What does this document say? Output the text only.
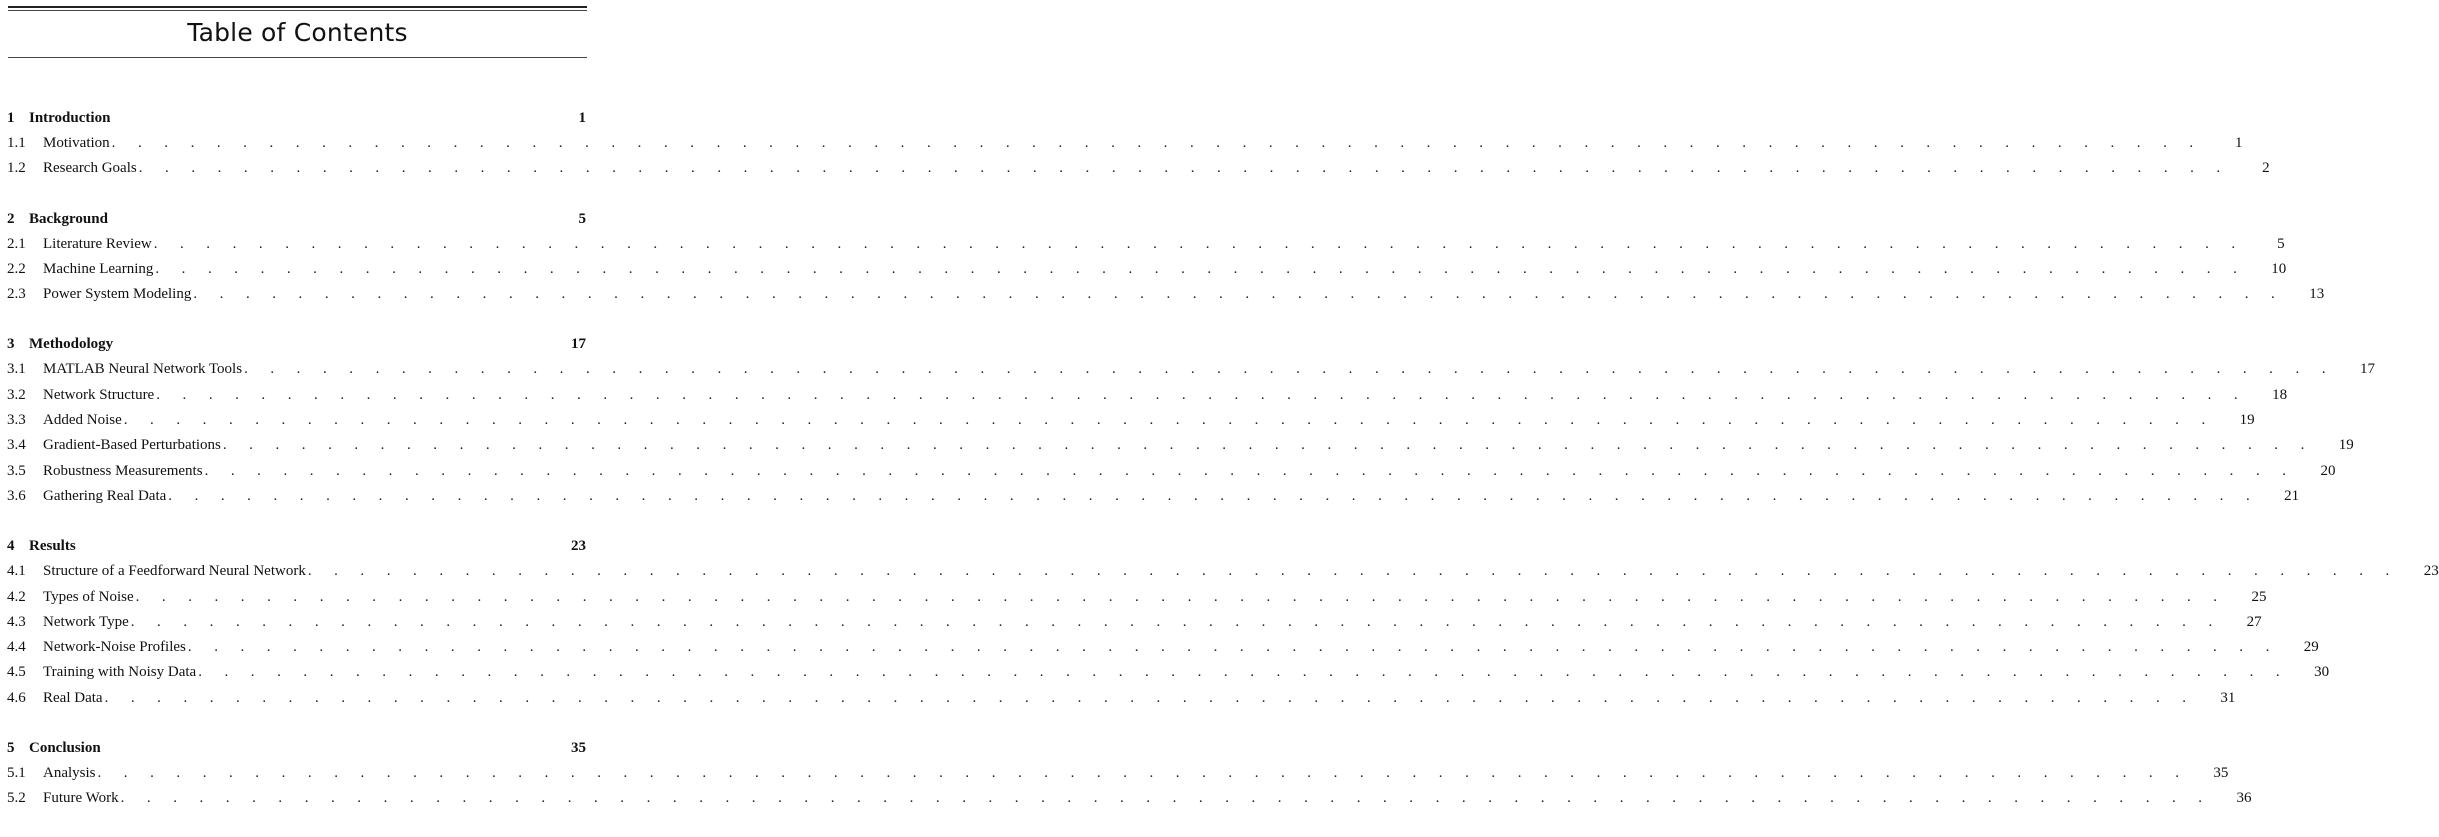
Table of Contents
1 Introduction	1
1.1	Motivation . . . . . . . . . . . . . . . . . . . . . . . . . . . . . . . . . . . . . . . . . . . . . . . . . . . . . . . . . . . . . . . . . . . . . . . . . . . . . . . .	1
1.2	Research Goals . . . . . . . . . . . . . . . . . . . . . . . . . . . . . . . . . . . . . . . . . . . . . . . . . . . . . . . . . . . . . . . . . . . . . . . . . . . . . . . .	2
2 Background	5
2.1	Literature Review . . . . . . . . . . . . . . . . . . . . . . . . . . . . . . . . . . . . . . . . . . . . . . . . . . . . . . . . . . . . . . . . . . . . . . . . . . . . . . . .	5
2.2	Machine Learning . . . . . . . . . . . . . . . . . . . . . . . . . . . . . . . . . . . . . . . . . . . . . . . . . . . . . . . . . . . . . . . . . . . . . . . . . . . . . . . .	10
2.3	Power System Modeling . . . . . . . . . . . . . . . . . . . . . . . . . . . . . . . . . . . . . . . . . . . . . . . . . . . . . . . . . . . . . . . . . . . . . . . . . . . . . . . .	13
3 Methodology	17
3.1	MATLAB Neural Network Tools . . . . . . . . . . . . . . . . . . . . . . . . . . . . . . . . . . . . . . . . . . . . . . . . . . . . . . . . . . . . . . . . . . . . . . . . . . . . . . . .	17
3.2	Network Structure . . . . . . . . . . . . . . . . . . . . . . . . . . . . . . . . . . . . . . . . . . . . . . . . . . . . . . . . . . . . . . . . . . . . . . . . . . . . . . . .	18
3.3	Added Noise . . . . . . . . . . . . . . . . . . . . . . . . . . . . . . . . . . . . . . . . . . . . . . . . . . . . . . . . . . . . . . . . . . . . . . . . . . . . . . . .	19
3.4	Gradient-Based Perturbations . . . . . . . . . . . . . . . . . . . . . . . . . . . . . . . . . . . . . . . . . . . . . . . . . . . . . . . . . . . . . . . . . . . . . . . . . . . . . . . .	19
3.5	Robustness Measurements . . . . . . . . . . . . . . . . . . . . . . . . . . . . . . . . . . . . . . . . . . . . . . . . . . . . . . . . . . . . . . . . . . . . . . . . . . . . . . . .	20
3.6	Gathering Real Data . . . . . . . . . . . . . . . . . . . . . . . . . . . . . . . . . . . . . . . . . . . . . . . . . . . . . . . . . . . . . . . . . . . . . . . . . . . . . . . .	21
4 Results	23
4.1	Structure of a Feedforward Neural Network . . . . . . . . . . . . . . . . . . . . . . . . . . . . . . . . . . . . . . . . . . . . . . . . . . . . . . . . . . . . . . . . . . . . . . . . . . . . . . . .	23
4.2	Types of Noise . . . . . . . . . . . . . . . . . . . . . . . . . . . . . . . . . . . . . . . . . . . . . . . . . . . . . . . . . . . . . . . . . . . . . . . . . . . . . . . .	25
4.3	Network Type . . . . . . . . . . . . . . . . . . . . . . . . . . . . . . . . . . . . . . . . . . . . . . . . . . . . . . . . . . . . . . . . . . . . . . . . . . . . . . . .	27
4.4	Network-Noise Profiles . . . . . . . . . . . . . . . . . . . . . . . . . . . . . . . . . . . . . . . . . . . . . . . . . . . . . . . . . . . . . . . . . . . . . . . . . . . . . . . .	29
4.5	Training with Noisy Data . . . . . . . . . . . . . . . . . . . . . . . . . . . . . . . . . . . . . . . . . . . . . . . . . . . . . . . . . . . . . . . . . . . . . . . . . . . . . . . .	30
4.6	Real Data . . . . . . . . . . . . . . . . . . . . . . . . . . . . . . . . . . . . . . . . . . . . . . . . . . . . . . . . . . . . . . . . . . . . . . . . . . . . . . . .	31
5 Conclusion	35
5.1	Analysis . . . . . . . . . . . . . . . . . . . . . . . . . . . . . . . . . . . . . . . . . . . . . . . . . . . . . . . . . . . . . . . . . . . . . . . . . . . . . . . .	35
5.2	Future Work . . . . . . . . . . . . . . . . . . . . . . . . . . . . . . . . . . . . . . . . . . . . . . . . . . . . . . . . . . . . . . . . . . . . . . . . . . . . . . . .	36
